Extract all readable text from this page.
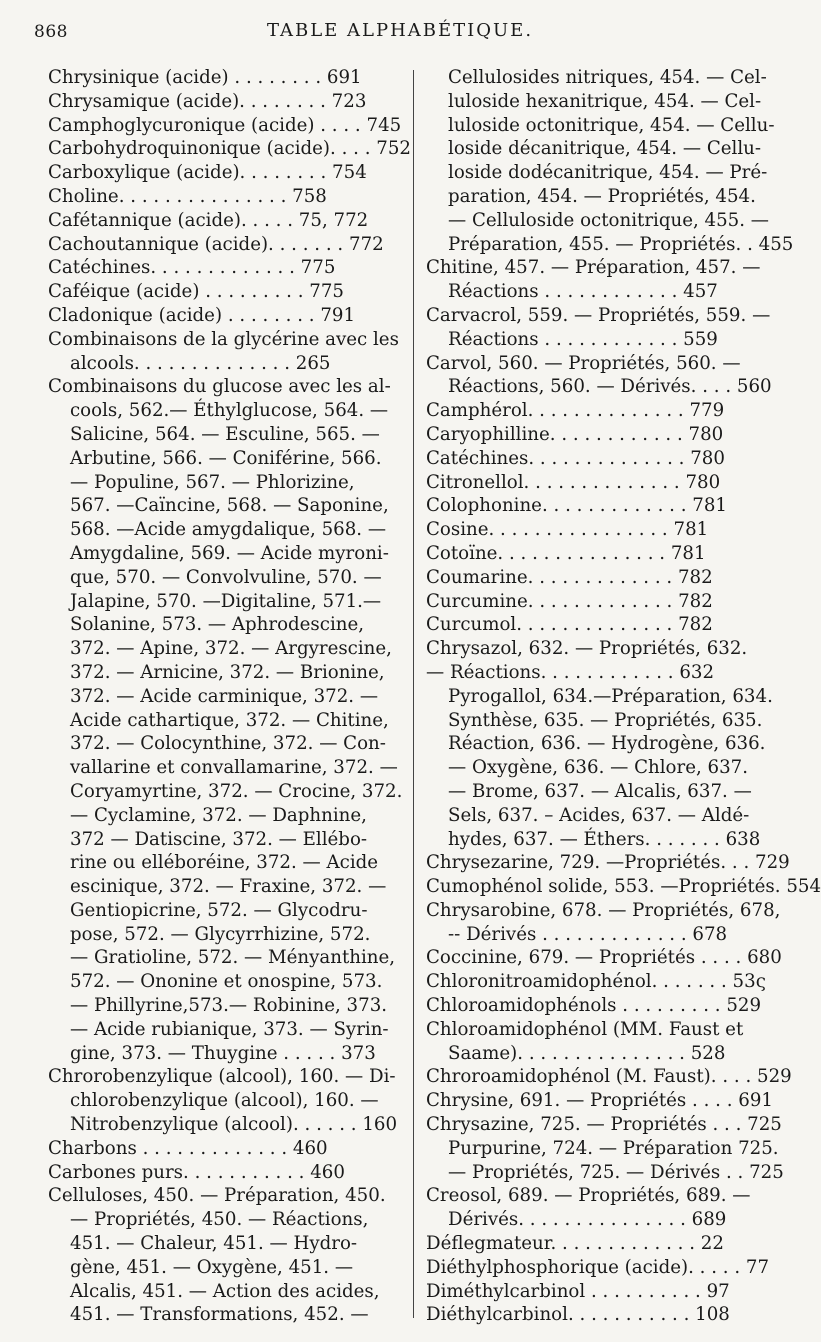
868	TABLE ALPHABÉTIQUE.
Chrysinique (acide) . . . . . . . . 691
Chrysamique (acide). . . . . . . . 723
Camphoglycuronique (acide) . . . . 745
Carbohydroquinonique (acide). . . . 752
Carboxylique (acide). . . . . . . . 754
Choline. . . . . . . . . . . . . . . 758
Cafétannique (acide). . . . . 75, 772
Cachoutannique (acide). . . . . . . 772
Catéchines. . . . . . . . . . . . . 775
Caféique (acide) . . . . . . . . . 775
Cladonique (acide) . . . . . . . . 791
Combinaisons de la glycérine avec les
alcools. . . . . . . . . . . . . . 265
Combinaisons du glucose avec les al-
cools, 562.— Éthylglucose, 564. —
Salicine, 564. — Esculine, 565. —
Arbutine, 566. — Coniférine, 566.
— Populine, 567. — Phlorizine,
567. —Caïncine, 568. — Saponine,
568. —Acide amygdalique, 568. —
Amygdaline, 569. — Acide myroni-
que, 570. — Convolvuline, 570. —
Jalapine, 570. —Digitaline, 571.—
Solanine, 573. — Aphrodescine,
372. — Apine, 372. — Argyrescine,
372. — Arnicine, 372. — Brionine,
372. — Acide carminique, 372. —
Acide cathartique, 372. — Chitine,
372. — Colocynthine, 372. — Con-
vallarine et convallamarine, 372. —
Coryamyrtine, 372. — Crocine, 372.
— Cyclamine, 372. — Daphnine,
372 — Datiscine, 372. — Ellébo-
rine ou elléboréine, 372. — Acide
escinique, 372. — Fraxine, 372. —
Gentiopicrine, 572. — Glycodru-
pose, 572. — Glycyrrhizine, 572.
— Gratioline, 572. — Ményanthine,
572. — Ononine et onospine, 573.
— Phillyrine,573.— Robinine, 373.
— Acide rubianique, 373. — Syrin-
gine, 373. — Thuygine . . . . . 373
Chrorobenzylique (alcool), 160. — Di-
chlorobenzylique (alcool), 160. —
Nitrobenzylique (alcool). . . . . . 160
Charbons . . . . . . . . . . . . . 460
Carbones purs. . . . . . . . . . . 460
Celluloses, 450. — Préparation, 450.
— Propriétés, 450. — Réactions,
451. — Chaleur, 451. — Hydro-
gène, 451. — Oxygène, 451. —
Alcalis, 451. — Action des acides,
451. — Transformations, 452. —
Cellulosides nitriques, 454. — Cel-
luloside hexanitrique, 454. — Cel-
luloside octonitrique, 454. — Cellu-
loside décanitrique, 454. — Cellu-
loside dodécanitrique, 454. — Pré-
paration, 454. — Propriétés, 454.
— Celluloside octonitrique, 455. —
Préparation, 455. — Propriétés. . 455
Chitine, 457. — Préparation, 457. —
Réactions . . . . . . . . . . . . 457
Carvacrol, 559. — Propriétés, 559. —
Réactions . . . . . . . . . . . . 559
Carvol, 560. — Propriétés, 560. —
Réactions, 560. — Dérivés. . . . 560
Camphérol. . . . . . . . . . . . . . 779
Caryophilline. . . . . . . . . . . . 780
Catéchines. . . . . . . . . . . . . . 780
Citronellol. . . . . . . . . . . . . . 780
Colophonine. . . . . . . . . . . . . 781
Cosine. . . . . . . . . . . . . . . . 781
Cotoïne. . . . . . . . . . . . . . . 781
Coumarine. . . . . . . . . . . . . 782
Curcumine. . . . . . . . . . . . . 782
Curcumol. . . . . . . . . . . . . . 782
Chrysazol, 632. — Propriétés, 632.
— Réactions. . . . . . . . . . . . 632
Pyrogallol, 634.—Préparation, 634.
Synthèse, 635. — Propriétés, 635.
Réaction, 636. — Hydrogène, 636.
— Oxygène, 636. — Chlore, 637.
— Brome, 637. — Alcalis, 637. —
Sels, 637. – Acides, 637. — Aldé-
hydes, 637. — Éthers. . . . . . . 638
Chrysezarine, 729. —Propriétés. . . 729
Cumophénol solide, 553. —Propriétés. 554
Chrysarobine, 678. — Propriétés, 678,
-- Dérivés . . . . . . . . . . . . . 678
Coccinine, 679. — Propriétés . . . . 680
Chloronitroamidophénol. . . . . . . 53ς
Chloroamidophénols . . . . . . . . . 529
Chloroamidophénol (MM. Faust et
Saame). . . . . . . . . . . . . . . 528
Chroroamidophénol (M. Faust). . . . 529
Chrysine, 691. — Propriétés . . . . 691
Chrysazine, 725. — Propriétés . . . 725
Purpurine, 724. — Préparation 725.
— Propriétés, 725. — Dérivés . . 725
Creosol, 689. — Propriétés, 689. —
Dérivés. . . . . . . . . . . . . . . 689
Déflegmateur. . . . . . . . . . . . . 22
Diéthylphosphorique (acide). . . . . 77
Diméthylcarbinol . . . . . . . . . . 97
Diéthylcarbinol. . . . . . . . . . . 108
